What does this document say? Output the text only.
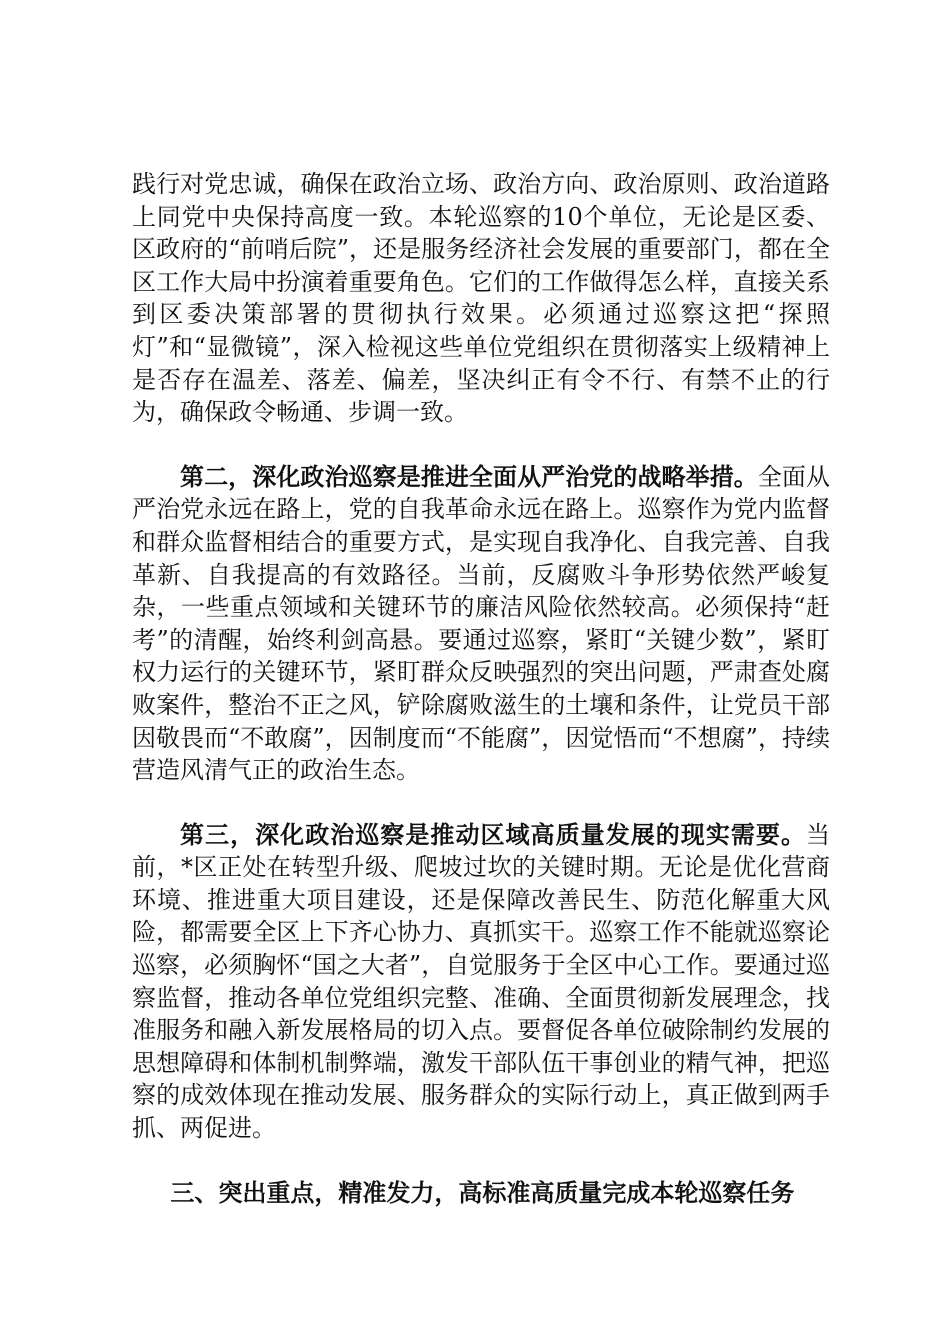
践行对党忠诚，确保在政治立场、政治方向、政治原则、政治道路上同党中央保持高度一致。本轮巡察的10个单位，无论是区委、区政府的“前哨后院”，还是服务经济社会发展的重要部门，都在全区工作大局中扮演着重要角色。它们的工作做得怎么样，直接关系到区委决策部署的贯彻执行效果。必须通过巡察这把“探照灯”和“显微镜”，深入检视这些单位党组织在贯彻落实上级精神上是否存在温差、落差、偏差，坚决纠正有令不行、有禁不止的行为，确保政令畅通、步调一致。

第二，深化政治巡察是推进全面从严治党的战略举措。全面从严治党永远在路上，党的自我革命永远在路上。巡察作为党内监督和群众监督相结合的重要方式，是实现自我净化、自我完善、自我革新、自我提高的有效路径。当前，反腐败斗争形势依然严峻复杂，一些重点领域和关键环节的廉洁风险依然较高。必须保持“赶考”的清醒，始终利剑高悬。要通过巡察，紧盯“关键少数”，紧盯权力运行的关键环节，紧盯群众反映强烈的突出问题，严肃查处腐败案件，整治不正之风，铲除腐败滋生的土壤和条件，让党员干部因敬畏而“不敢腐”，因制度而“不能腐”，因觉悟而“不想腐”，持续营造风清气正的政治生态。

第三，深化政治巡察是推动区域高质量发展的现实需要。当前，*区正处在转型升级、爬坡过坎的关键时期。无论是优化营商环境、推进重大项目建设，还是保障改善民生、防范化解重大风险，都需要全区上下齐心协力、真抓实干。巡察工作不能就巡察论巡察，必须胸怀“国之大者”，自觉服务于全区中心工作。要通过巡察监督，推动各单位党组织完整、准确、全面贯彻新发展理念，找准服务和融入新发展格局的切入点。要督促各单位破除制约发展的思想障碍和体制机制弊端，激发干部队伍干事创业的精气神，把巡察的成效体现在推动发展、服务群众的实际行动上，真正做到两手抓、两促进。

三、突出重点，精准发力，高标准高质量完成本轮巡察任务
